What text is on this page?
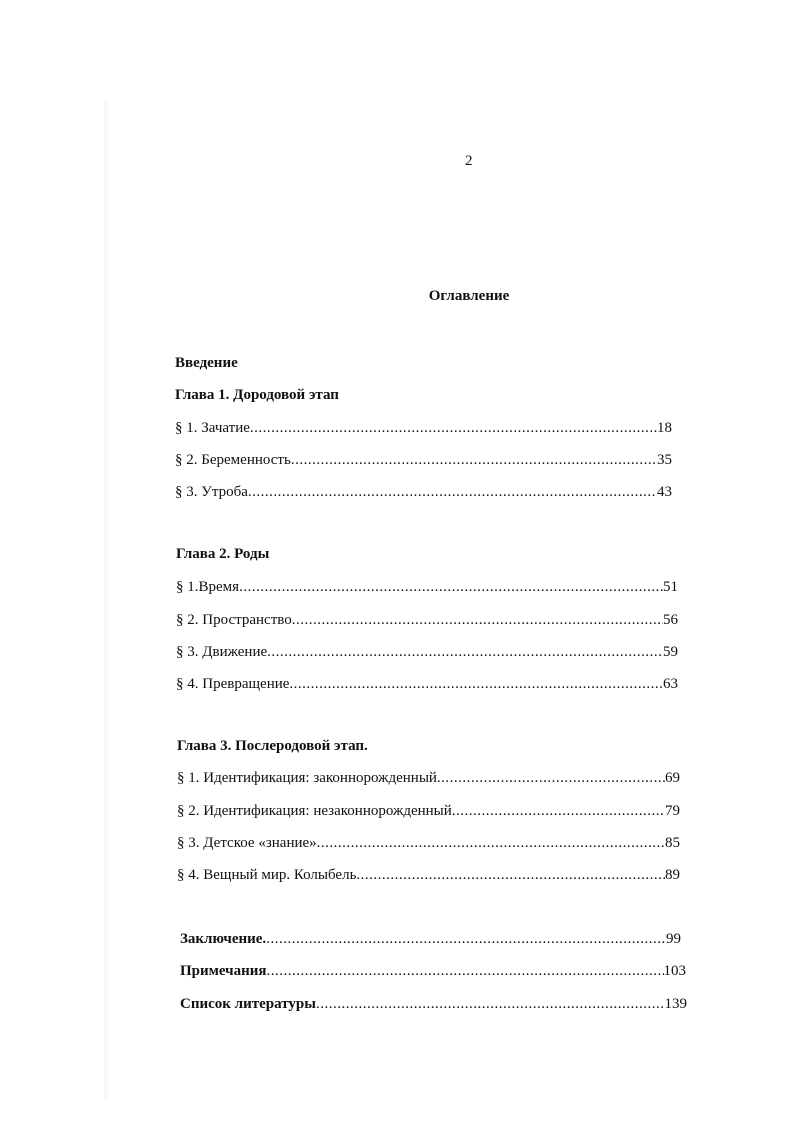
2
Оглавление
Введение
Глава 1. Дородовой этап
§ 1. Зачатие .....	18
§ 2. Беременность .....	35
§ 3. Утроба .....	43
Глава 2. Роды
§ 1.Время .....	51
§ 2. Пространство .....	56
§ 3. Движение .....	59
§ 4. Превращение .....	63
Глава 3. Послеродовой этап.
§ 1. Идентификация: законнорожденный .....	69
§ 2. Идентификация: незаконнорожденный .....	79
§ 3. Детское «знание» .....	85
§ 4. Вещный мир. Колыбель .....	89
Заключение. .....	99
Примечания .....	103
Список литературы .....	139
